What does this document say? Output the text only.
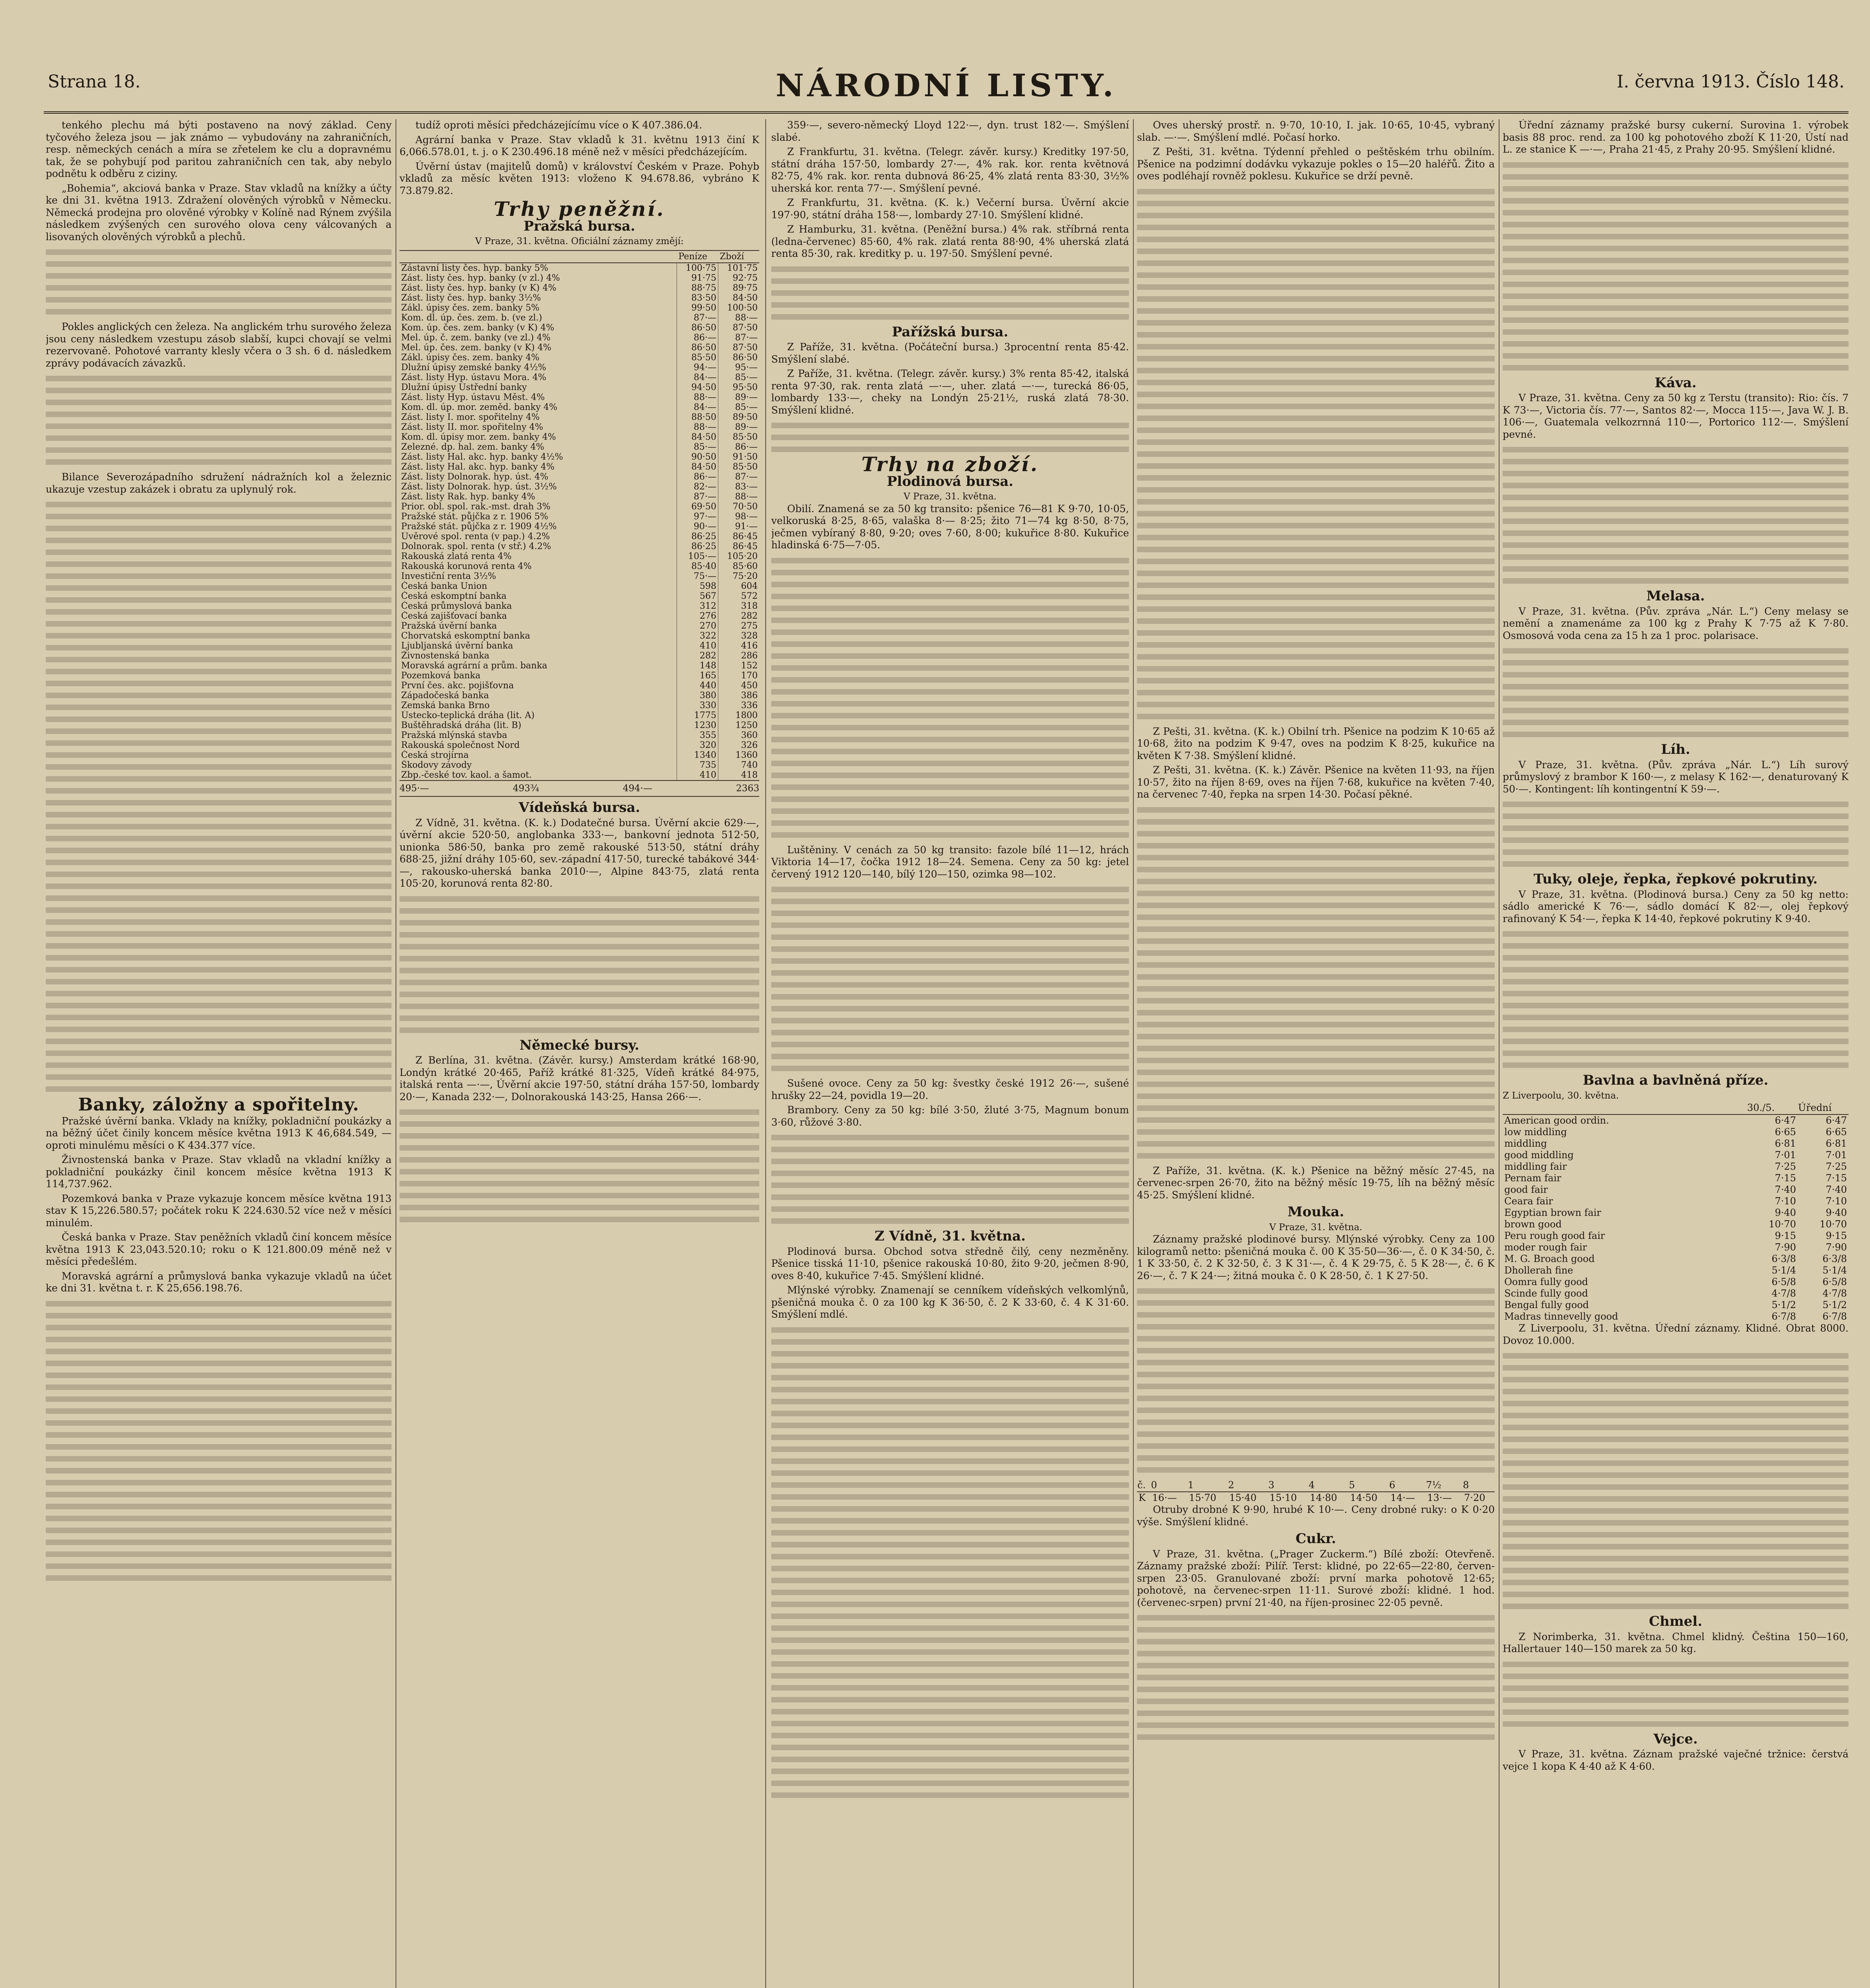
Strana 18.	NÁRODNÍ LISTY.	I. června 1913. Číslo 148.

tenkého plechu má býti postaveno na nový základ. Ceny tyčového železa jsou — jak známo — vybudovány na zahraničních, resp. německých cenách a míra se zřetelem ke clu a dopravnému tak, že se pohybují pod paritou zahraničních cen tak, aby nebylo podnětu k odběru z ciziny.

„Bohemia“, akciová banka v Praze. Stav vkladů na knížky a účty ke dni 31. května 1913. Zdražení olověných výrobků v Německu. Německá prodejna pro olověné výrobky v Kolíně nad Rýnem zvýšila následkem zvýšených cen surového olova ceny válcovaných a lisovaných olověných výrobků a plechů.

Pokles anglických cen železa. Na anglickém trhu surového železa jsou ceny následkem vzestupu zásob slabší, kupci chovají se velmi rezervovaně. Pohotové varranty klesly včera o 3 sh. 6 d. následkem zprávy podávacích závazků.

Bilance Severozápadního sdružení nádražních kol a železnic ukazuje vzestup zakázek i obratu za uplynulý rok.

Banky, záložny a spořitelny.

Pražské úvěrní banka. Vklady na knížky, pokladniční poukázky a na běžný účet činily koncem měsíce května 1913 K 46,684.549, — oproti minulému měsíci o K 434.377 více.

Živnostenská banka v Praze. Stav vkladů na vkladní knížky a pokladniční poukázky činil koncem měsíce května 1913 K 114,737.962.

Pozemková banka v Praze vykazuje koncem měsíce května 1913 stav K 15,226.580.57; počátek roku K 224.630.52 více než v měsíci minulém.

Česká banka v Praze. Stav peněžních vkladů činí koncem měsíce května 1913 K 23,043.520.10; roku o K 121.800.09 méně než v měsíci předešlém.

Moravská agrární a průmyslová banka vykazuje vkladů na účet ke dni 31. května t. r. K 25,656.198.76.

tudíž oproti měsíci předcházejícímu více o K 407.386.04.

Agrární banka v Praze. Stav vkladů k 31. květnu 1913 činí K 6,066.578.01, t. j. o K 230.496.18 méně než v měsíci předcházejícím.

Úvěrní ústav (majitelů domů) v království Českém v Praze. Pohyb vkladů za měsíc květen 1913: vloženo K 94.678.86, vybráno K 73.879.82.

Trhy peněžní.
Pražská bursa.
V Praze, 31. května. Oficiální záznamy změjí:
	Peníze	Zboží
Zástavní listy čes. hyp. banky 5%	100·75	101·75
Zást. listy čes. hyp. banky (v zl.) 4%	91·75	92·75
Zást. listy čes. hyp. banky (v K) 4%	88·75	89·75
Zást. listy čes. hyp. banky 3½%	83·50	84·50
Zákl. úpisy čes. zem. banky 5%	99·50	100·50
Kom. dl. úp. čes. zem. b. (ve zl.)	87·—	88·—
Kom. úp. čes. zem. banky (v K) 4%	86·50	87·50
Mel. úp. č. zem. banky (ve zl.) 4%	86·—	87·—
Mel. úp. čes. zem. banky (v K) 4%	86·50	87·50
Zákl. úpisy čes. zem. banky 4%	85·50	86·50
Dlužní úpisy zemské banky 4½%	94·—	95·—
Zást. listy Hyp. ústavu Mora. 4%	84·—	85·—
Dlužní úpisy Ústřední banky	94·50	95·50
Zást. listy Hyp. ústavu Měst. 4%	88·—	89·—
Kom. dl. úp. mor. zeměd. banky 4%	84·—	85·—
Zást. listy I. mor. spořitelny 4%	88·50	89·50
Zást. listy II. mor. spořitelny 4%	88·—	89·—
Kom. dl. úpisy mor. zem. banky 4%	84·50	85·50
Zelezné. dp. hal. zem. banky 4%	85·—	86·—
Zást. listy Hal. akc. hyp. banky 4½%	90·50	91·50
Zást. listy Hal. akc. hyp. banky 4%	84·50	85·50
Zást. listy Dolnorak. hyp. úst. 4%	86·—	87·—
Zást. listy Dolnorak. hyp. úst. 3½%	82·—	83·—
Zást. listy Rak. hyp. banky 4%	87·—	88·—
Prior. obl. spol. rak.-mst. drah 3%	69·50	70·50
Pražské stát. půjčka z r. 1906 5%	97·—	98·—
Pražské stát. půjčka z r. 1909 4½%	90·—	91·—
Úvěrové spol. renta (v pap.) 4.2%	86·25	86·45
Dolnorak. spol. renta (v stř.) 4.2%	86·25	86·45
Rakouská zlatá renta 4%	105·—	105·20
Rakouská korunová renta 4%	85·40	85·60
Investiční renta 3½%	75·—	75·20
Česká banka Union	598	604
Česká eskomptní banka	567	572
Česká průmyslová banka	312	318
Česká zajišťovací banka	276	282
Pražská úvěrní banka	270	275
Chorvatská eskomptní banka	322	328
Ljubljanská úvěrní banka	410	416
Živnostenská banka	282	286
Moravská agrární a prům. banka	148	152
Pozemková banka	165	170
První čes. akc. pojišťovna	440	450
Západočeská banka	380	386
Zemská banka Brno	330	336
Ústecko-teplická dráha (lit. A)	1775	1800
Buštěhradská dráha (lit. B)	1230	1250
Pražská mlýnská stavba	355	360
Rakouská společnost Nord	320	326
Česká strojírna	1340	1360
Škodovy závody	735	740
Zbp.-české tov. kaol. a šamot.	410	418
495·—	493¾	494·—	2363
Vídeňská bursa.

Z Vídně, 31. května. (K. k.) Dodatečné bursa. Úvěrní akcie 629·—, úvěrní akcie 520·50, anglobanka 333·—, bankovní jednota 512·50, unionka 586·50, banka pro země rakouské 513·50, státní dráhy 688·25, jižní dráhy 105·60, sev.-západní 417·50, turecké tabákové 344·—, rakousko-uherská banka 2010·—, Alpine 843·75, zlatá renta 105·20, korunová renta 82·80.

Německé bursy.

Z Berlína, 31. května. (Závěr. kursy.) Amsterdam krátké 168·90, Londýn krátké 20·465, Paříž krátké 81·325, Vídeň krátké 84·975, italská renta —·—, Úvěrní akcie 197·50, státní dráha 157·50, lombardy 20·—, Kanada 232·—, Dolnorakouská 143·25, Hansa 266·—.

359·—, severo-německý Lloyd 122·—, dyn. trust 182·—. Smýšlení slabé.

Z Frankfurtu, 31. května. (Telegr. závěr. kursy.) Kreditky 197·50, státní dráha 157·50, lombardy 27·—, 4% rak. kor. renta květnová 82·75, 4% rak. kor. renta dubnová 86·25, 4% zlatá renta 83·30, 3½% uherská kor. renta 77·—. Smýšlení pevné.

Z Frankfurtu, 31. května. (K. k.) Večerní bursa. Úvěrní akcie 197·90, státní dráha 158·—, lombardy 27·10. Smýšlení klidné.

Z Hamburku, 31. května. (Peněžní bursa.) 4% rak. stříbrná renta (ledna-červenec) 85·60, 4% rak. zlatá renta 88·90, 4% uherská zlatá renta 85·30, rak. kreditky p. u. 197·50. Smýšlení pevné.

Pařížská bursa.

Z Paříže, 31. května. (Počáteční bursa.) 3procentní renta 85·42. Smýšlení slabé.

Z Paříže, 31. května. (Telegr. závěr. kursy.) 3% renta 85·42, italská renta 97·30, rak. renta zlatá —·—, uher. zlatá —·—, turecká 86·05, lombardy 133·—, cheky na Londýn 25·21½, ruská zlatá 78·30. Smýšlení klidné.

Trhy na zboží.
Plodinová bursa.
V Praze, 31. května.

Obilí. Znamená se za 50 kg transito: pšenice 76—81 K 9·70, 10·05, velkoruská 8·25, 8·65, valaška 8·— 8·25; žito 71—74 kg 8·50, 8·75, ječmen vybíraný 8·80, 9·20; oves 7·60, 8·00; kukuřice 8·80. Kukuřice hladinská 6·75—7·05.

Luštěniny. V cenách za 50 kg transito: fazole bílé 11—12, hrách Viktoria 14—17, čočka 1912 18—24. Semena. Ceny za 50 kg: jetel červený 1912 120—140, bílý 120—150, ozimka 98—102.

Sušené ovoce. Ceny za 50 kg: švestky české 1912 26·—, sušené hrušky 22—24, povidla 19—20.

Brambory. Ceny za 50 kg: bílé 3·50, žluté 3·75, Magnum bonum 3·60, růžové 3·80.

Z Vídně, 31. května.

Plodinová bursa. Obchod sotva středně čilý, ceny nezměněny. Pšenice tisská 11·10, pšenice rakouská 10·80, žito 9·20, ječmen 8·90, oves 8·40, kukuřice 7·45. Smýšlení klidné.

Mlýnské výrobky. Znamenají se cenníkem vídeňských velkomlýnů, pšeničná mouka č. 0 za 100 kg K 36·50, č. 2 K 33·60, č. 4 K 31·60. Smýšlení mdlé.

Oves uherský prostř. n. 9·70, 10·10, I. jak. 10·65, 10·45, vybraný slab. —·—. Smýšlení mdlé. Počasí horko.

Z Pešti, 31. května. Týdenní přehled o peštěském trhu obilním. Pšenice na podzimní dodávku vykazuje pokles o 15—20 haléřů. Žito a oves podléhají rovněž poklesu. Kukuřice se drží pevně.

Z Pešti, 31. května. (K. k.) Obilní trh. Pšenice na podzim K 10·65 až 10·68, žito na podzim K 9·47, oves na podzim K 8·25, kukuřice na květen K 7·38. Smýšlení klidné.

Z Pešti, 31. května. (K. k.) Závěr. Pšenice na květen 11·93, na říjen 10·57, žito na říjen 8·69, oves na říjen 7·68, kukuřice na květen 7·40, na červenec 7·40, řepka na srpen 14·30. Počasí pěkné.

Z Paříže, 31. května. (K. k.) Pšenice na běžný měsíc 27·45, na červenec-srpen 26·70, žito na běžný měsíc 19·75, líh na běžný měsíc 45·25. Smýšlení klidné.

Mouka.
V Praze, 31. května.

Záznamy pražské plodinové bursy. Mlýnské výrobky. Ceny za 100 kilogramů netto: pšeničná mouka č. 00 K 35·50—36·—, č. 0 K 34·50, č. 1 K 33·50, č. 2 K 32·50, č. 3 K 31·—, č. 4 K 29·75, č. 5 K 28·—, č. 6 K 26·—, č. 7 K 24·—; žitná mouka č. 0 K 28·50, č. 1 K 27·50.

č.	0	1	2	3	4	5	6	7½	8
K	16·—	15·70	15·40	15·10	14·80	14·50	14·—	13·—	7·20

Otruby drobné K 9·90, hrubé K 10·—. Ceny drobné ruky: o K 0·20 výše. Smýšlení klidné.

Cukr.

V Praze, 31. května. („Prager Zuckerm.“) Bílé zboží: Otevřeně. Záznamy pražské zboží: Pilíř. Terst: klidné, po 22·65—22·80, červen-srpen 23·05. Granulované zboží: první marka pohotově 12·65; pohotově, na červenec-srpen 11·11. Surové zboží: klidné. 1 hod. (červenec-srpen) první 21·40, na říjen-prosinec 22·05 pevně.

Úřední záznamy pražské bursy cukerní. Surovina 1. výrobek basis 88 proc. rend. za 100 kg pohotového zboží K 11·20, Ústí nad L. ze stanice K —·—, Praha 21·45, z Prahy 20·95. Smýšlení klidné.

Káva.

V Praze, 31. května. Ceny za 50 kg z Terstu (transito): Rio: čís. 7 K 73·—, Victoria čís. 77·—, Santos 82·—, Mocca 115·—, Java W. J. B. 106·—, Guatemala velkozrnná 110·—, Portorico 112·—. Smýšlení pevné.

Melasa.

V Praze, 31. května. (Pův. zpráva „Nár. L.“) Ceny melasy se nemění a znamenáme za 100 kg z Prahy K 7·75 až K 7·80. Osmosová voda cena za 15 h za 1 proc. polarisace.

Líh.

V Praze, 31. května. (Pův. zpráva „Nár. L.“) Líh surový průmyslový z brambor K 160·—, z melasy K 162·—, denaturovaný K 50·—. Kontingent: líh kontingentní K 59·—.

Tuky, oleje, řepka, řepkové pokrutiny.

V Praze, 31. května. (Plodinová bursa.) Ceny za 50 kg netto: sádlo americké K 76·—, sádlo domácí K 82·—, olej řepkový rafinovaný K 54·—, řepka K 14·40, řepkové pokrutiny K 9·40.

Bavlna a bavlněná příze.
Z Liverpoolu, 30. května.
	30./5.	Úřední
American good ordin.	6·47	6·47
low middling	6·65	6·65
middling	6·81	6·81
good middling	7·01	7·01
middling fair	7·25	7·25
Pernam fair	7·15	7·15
good fair	7·40	7·40
Ceara fair	7·10	7·10
Egyptian brown fair	9·40	9·40
brown good	10·70	10·70
Peru rough good fair	9·15	9·15
moder rough fair	7·90	7·90
M. G. Broach good	6·3/8	6·3/8
Dhollerah fine	5·1/4	5·1/4
Oomra fully good	6·5/8	6·5/8
Scinde fully good	4·7/8	4·7/8
Bengal fully good	5·1/2	5·1/2
Madras tinnevelly good	6·7/8	6·7/8

Z Liverpoolu, 31. května. Úřední záznamy. Klidné. Obrat 8000. Dovoz 10.000.

Chmel.

Z Norimberka, 31. května. Chmel klidný. Čeština 150—160, Hallertauer 140—150 marek za 50 kg.

Vejce.

V Praze, 31. května. Záznam pražské vaječné tržnice: čerstvá vejce 1 kopa K 4·40 až K 4·60.
